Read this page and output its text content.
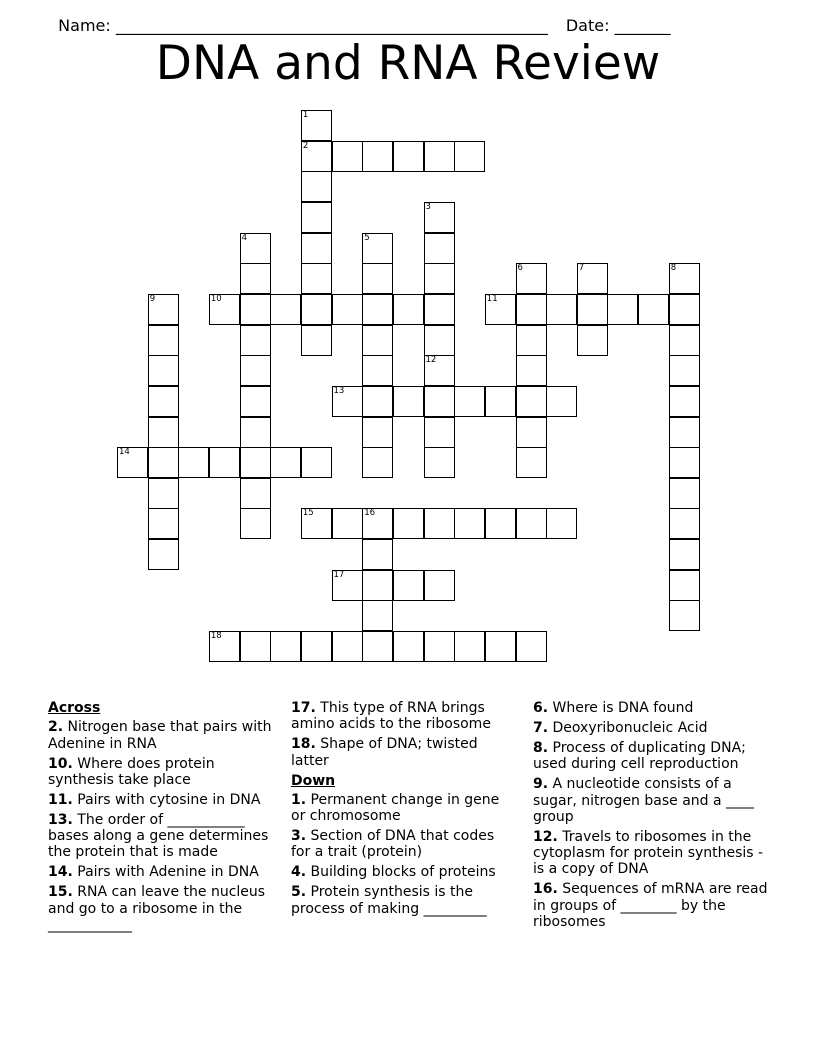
Name: ______________________________________________________ Date: _______

DNA and RNA Review
1
2
3
4	5
6	7	8
9	10	11
12
13
14
15	16
17
18
Across
2. Nitrogen base that pairs with Adenine in RNA
10. Where does protein synthesis take place
11. Pairs with cytosine in DNA
13. The order of ___________ bases along a gene determines the protein that is made
14. Pairs with Adenine in DNA
15. RNA can leave the nucleus and go to a ribosome in the ____________
17. This type of RNA brings amino acids to the ribosome
18. Shape of DNA; twisted latter
Down
1. Permanent change in gene or chromosome
3. Section of DNA that codes for a trait (protein)
4. Building blocks of proteins
5. Protein synthesis is the process of making _________
6. Where is DNA found
7. Deoxyribonucleic Acid
8. Process of duplicating DNA; used during cell reproduction
9. A nucleotide consists of a sugar, nitrogen base and a ____ group
12. Travels to ribosomes in the cytoplasm for protein synthesis - is a copy of DNA
16. Sequences of mRNA are read in groups of ________ by the ribosomes
